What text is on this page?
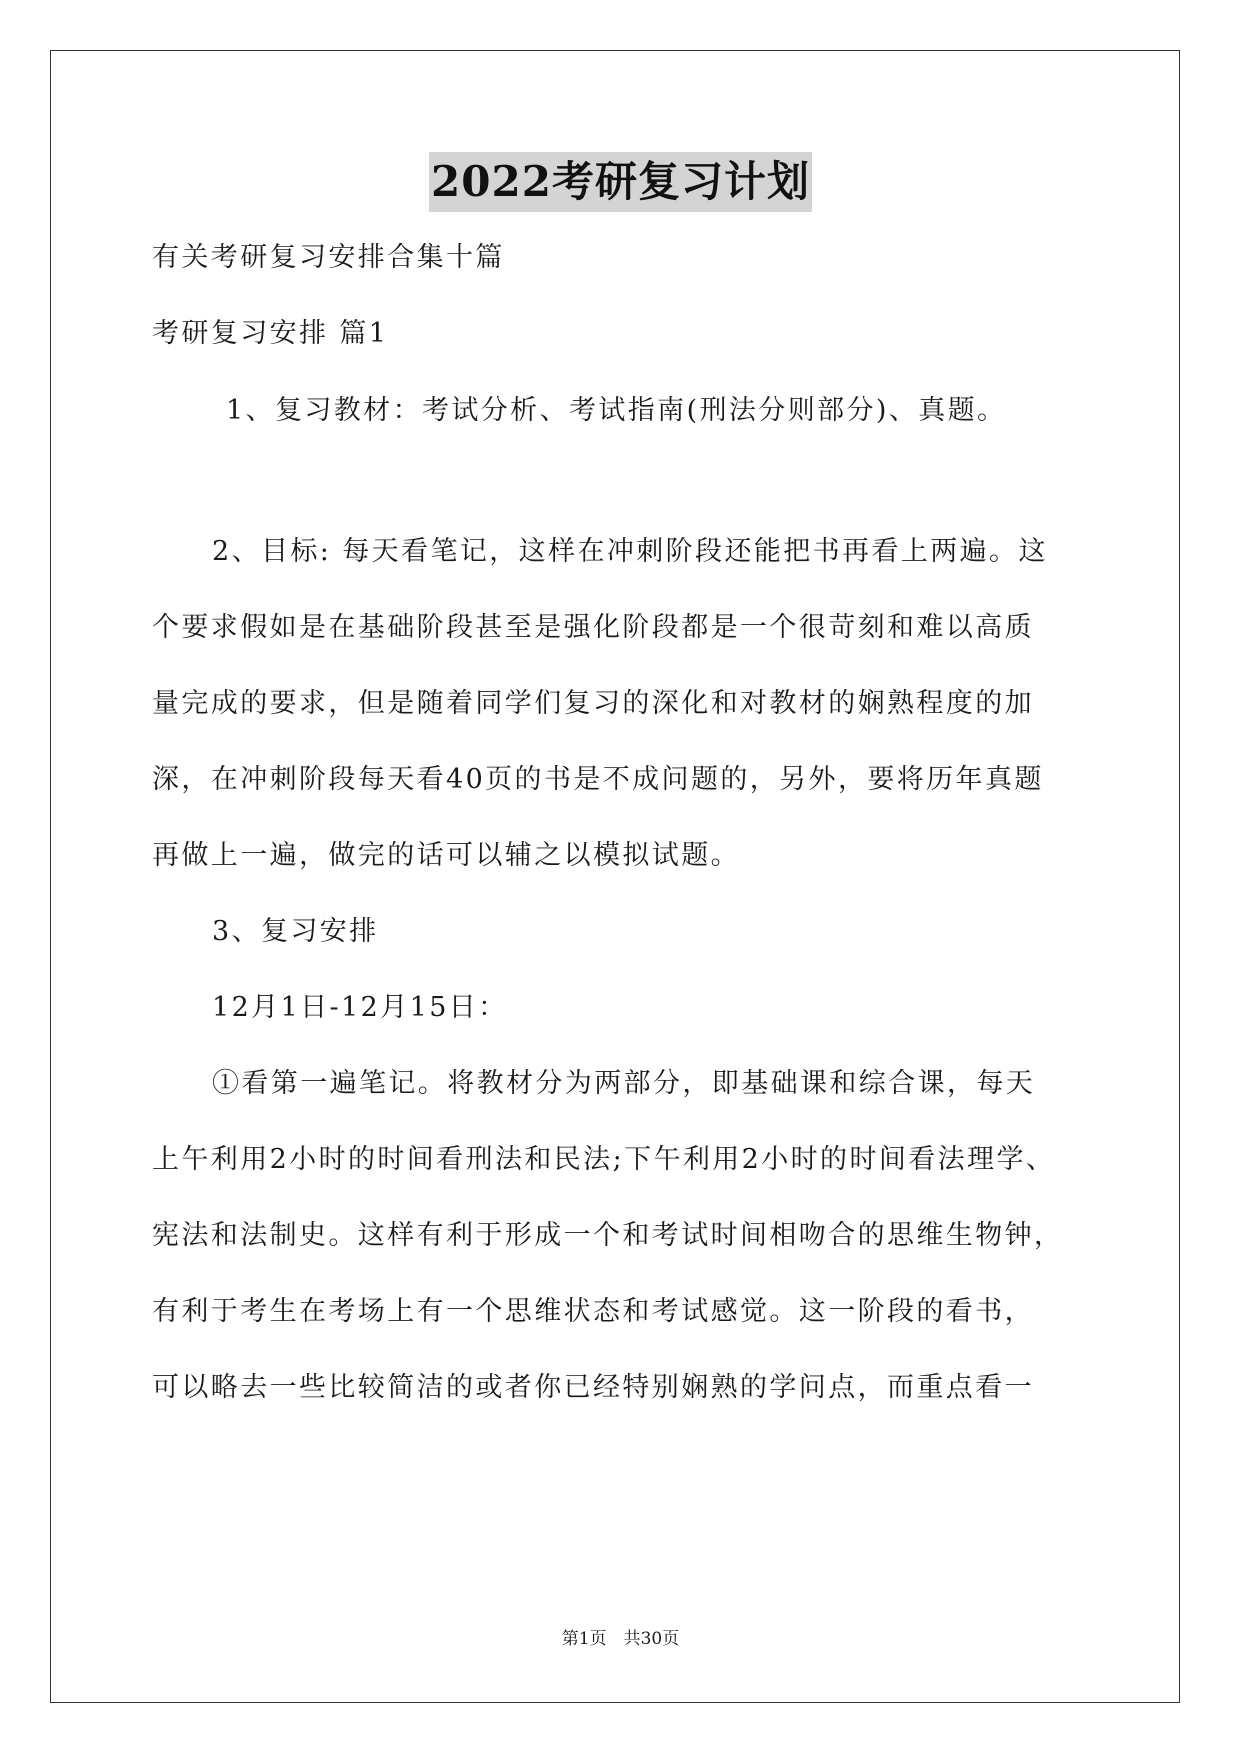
2022考研复习计划
有关考研复习安排合集十篇
考研复习安排 篇1
1、复习教材：考试分析、考试指南(刑法分则部分)、真题。
2、目标: 每天看笔记，这样在冲刺阶段还能把书再看上两遍。这
个要求假如是在基础阶段甚至是强化阶段都是一个很苛刻和难以高质
量完成的要求，但是随着同学们复习的深化和对教材的娴熟程度的加
深，在冲刺阶段每天看40页的书是不成问题的，另外，要将历年真题
再做上一遍，做完的话可以辅之以模拟试题。
3、复习安排
12月1日-12月15日：
①看第一遍笔记。将教材分为两部分，即基础课和综合课，每天
上午利用2小时的时间看刑法和民法;下午利用2小时的时间看法理学、
宪法和法制史。这样有利于形成一个和考试时间相吻合的思维生物钟，
有利于考生在考场上有一个思维状态和考试感觉。这一阶段的看书，
可以略去一些比较简洁的或者你已经特别娴熟的学问点，而重点看一
第1页　共30页
